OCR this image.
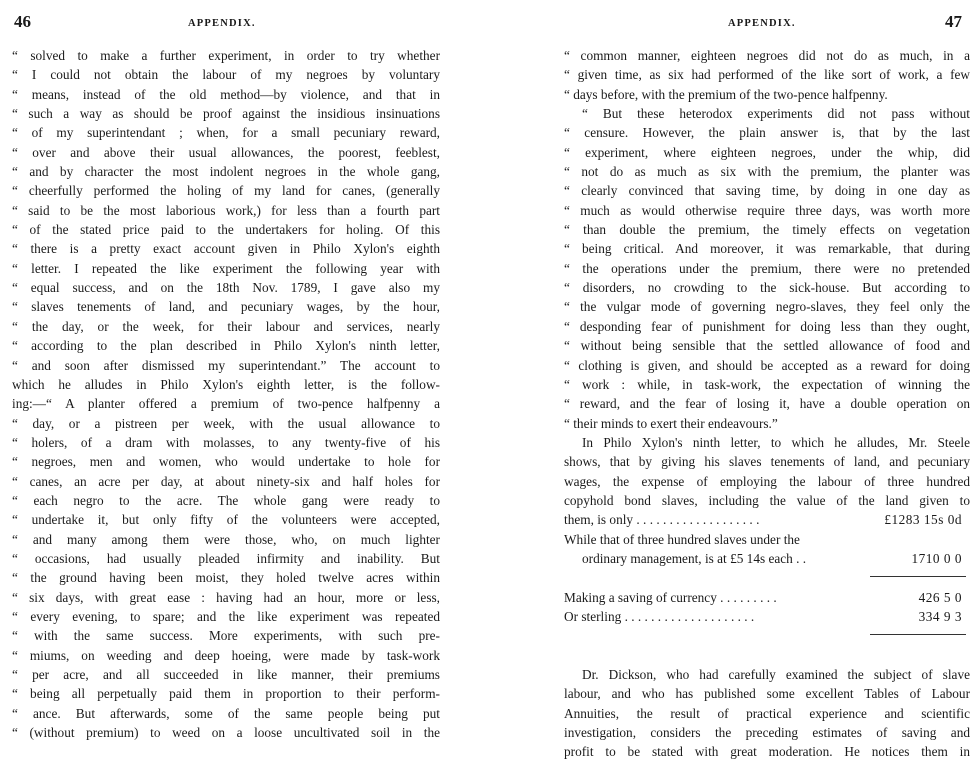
46	APPENDIX.
“ solved to make a further experiment, in order to try whether
“ I could not obtain the labour of my negroes by voluntary
“ means, instead of the old method—by violence, and that in
“ such a way as should be proof against the insidious insinuations
“ of my superintendant ; when, for a small pecuniary reward,
“ over and above their usual allowances, the poorest, feeblest,
“ and by character the most indolent negroes in the whole gang,
“ cheerfully performed the holing of my land for canes, (generally
“ said to be the most laborious work,) for less than a fourth part
“ of the stated price paid to the undertakers for holing. Of this
“ there is a pretty exact account given in Philo Xylon's eighth
“ letter. I repeated the like experiment the following year with
“ equal success, and on the 18th Nov. 1789, I gave also my
“ slaves tenements of land, and pecuniary wages, by the hour,
“ the day, or the week, for their labour and services, nearly
“ according to the plan described in Philo Xylon's ninth letter,
“ and soon after dismissed my superintendant.” The account to
which he alludes in Philo Xylon's eighth letter, is the follow-
ing:—“ A planter offered a premium of two-pence halfpenny a
“ day, or a pistreen per week, with the usual allowance to
“ holers, of a dram with molasses, to any twenty-five of his
“ negroes, men and women, who would undertake to hole for
“ canes, an acre per day, at about ninety-six and half holes for
“ each negro to the acre. The whole gang were ready to
“ undertake it, but only fifty of the volunteers were accepted,
“ and many among them were those, who, on much lighter
“ occasions, had usually pleaded infirmity and inability. But
“ the ground having been moist, they holed twelve acres within
“ six days, with great ease : having had an hour, more or less,
“ every evening, to spare; and the like experiment was repeated
“ with the same success. More experiments, with such pre-
“ miums, on weeding and deep hoeing, were made by task-work
“ per acre, and all succeeded in like manner, their premiums
“ being all perpetually paid them in proportion to their perform-
“ ance. But afterwards, some of the same people being put
“ (without premium) to weed on a loose uncultivated soil in the
APPENDIX.	47
“ common manner, eighteen negroes did not do as much, in a
“ given time, as six had performed of the like sort of work, a few
“ days before, with the premium of the two-pence halfpenny.
“ But these heterodox experiments did not pass without
“ censure. However, the plain answer is, that by the last
“ experiment, where eighteen negroes, under the whip, did
“ not do as much as six with the premium, the planter was
“ clearly convinced that saving time, by doing in one day as
“ much as would otherwise require three days, was worth more
“ than double the premium, the timely effects on vegetation
“ being critical. And moreover, it was remarkable, that during
“ the operations under the premium, there were no pretended
“ disorders, no crowding to the sick-house. But according to
“ the vulgar mode of governing negro-slaves, they feel only the
“ desponding fear of punishment for doing less than they ought,
“ without being sensible that the settled allowance of food and
“ clothing is given, and should be accepted as a reward for doing
“ work : while, in task-work, the expectation of winning the
“ reward, and the fear of losing it, have a double operation on
“ their minds to exert their endeavours.”
In Philo Xylon's ninth letter, to which he alludes, Mr. Steele
shows, that by giving his slaves tenements of land, and pecuniary
wages, the expense of employing the labour of three hundred
copyhold bond slaves, including the value of the land given to
them, is only . . . . . . . . . . . . . . . . . . .	£1283 15s 0d
While that of three hundred slaves under the
ordinary management, is at £5 14s each . .	1710 0 0
Making a saving of currency . . . . . . . . .	426 5 0
Or sterling . . . . . . . . . . . . . . . . . . . .	334 9 3
Dr. Dickson, who had carefully examined the subject of slave
labour, and who has published some excellent Tables of Labour
Annuities, the result of practical experience and scientific
investigation, considers the preceding estimates of saving and
profit to be stated with great moderation. He notices them in
